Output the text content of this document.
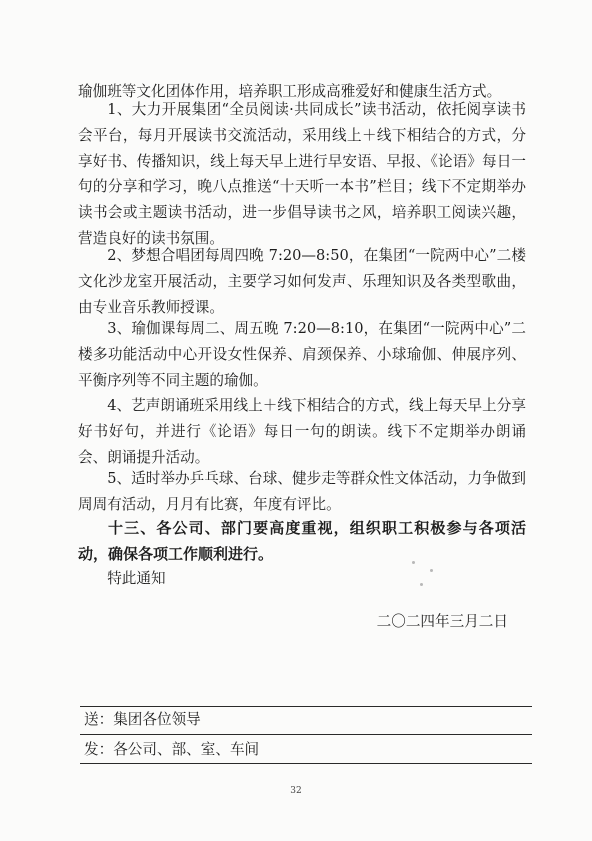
瑜伽班等文化团体作用，培养职工形成高雅爱好和健康生活方式。

1、大力开展集团“全员阅读·共同成长”读书活动，依托阅享读书会平台，每月开展读书交流活动，采用线上＋线下相结合的方式，分享好书、传播知识，线上每天早上进行早安语、早报、《论语》每日一句的分享和学习，晚八点推送“十天听一本书”栏目；线下不定期举办读书会或主题读书活动，进一步倡导读书之风，培养职工阅读兴趣，营造良好的读书氛围。

2、梦想合唱团每周四晚 7:20—8:50，在集团“一院两中心”二楼文化沙龙室开展活动，主要学习如何发声、乐理知识及各类型歌曲，由专业音乐教师授课。

3、瑜伽课每周二、周五晚 7:20—8:10，在集团“一院两中心”二楼多功能活动中心开设女性保养、肩颈保养、小球瑜伽、伸展序列、平衡序列等不同主题的瑜伽。

4、艺声朗诵班采用线上＋线下相结合的方式，线上每天早上分享好书好句，并进行《论语》每日一句的朗读。线下不定期举办朗诵会、朗诵提升活动。

5、适时举办乒乓球、台球、健步走等群众性文体活动，力争做到周周有活动，月月有比赛，年度有评比。

十三、各公司、部门要高度重视，组织职工积极参与各项活动，确保各项工作顺利进行。

特此通知

二〇二四年三月二日
送：集团各位领导
发：各公司、部、室、车间
32
